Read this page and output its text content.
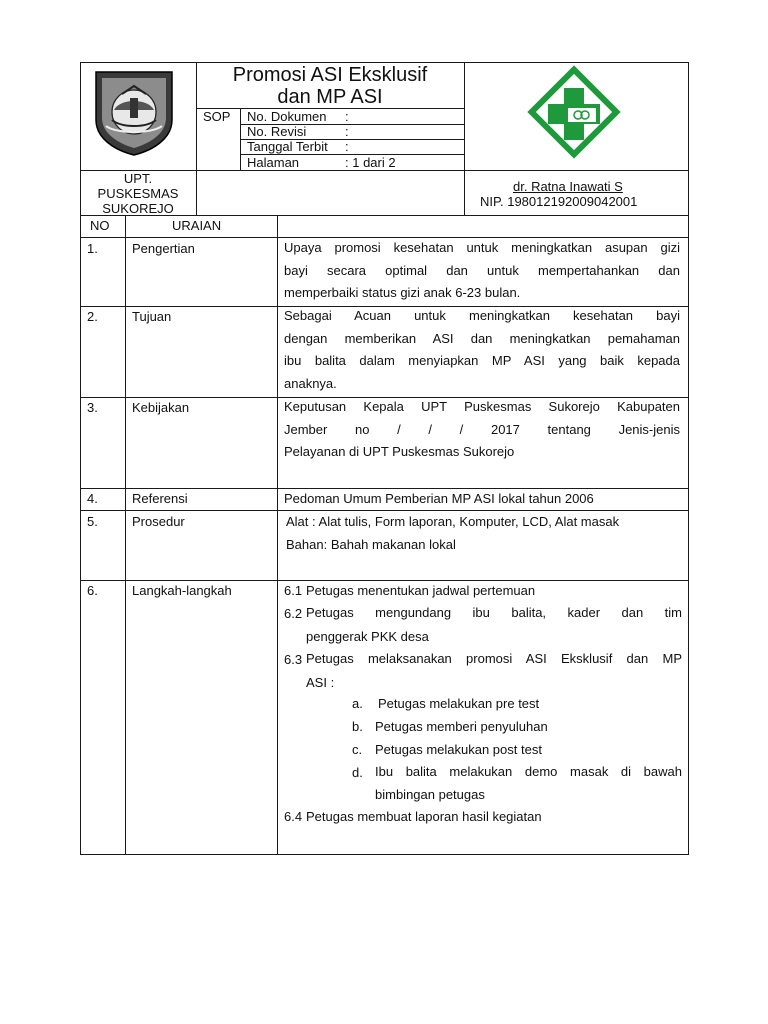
Promosi ASI Eksklusif
dan MP ASI
SOP No. Dokumen :
No. Revisi	:
Tanggal Terbit :
Halaman	: 1 dari 2
UPT.
PUSKESMAS
SUKOREJO
dr. Ratna Inawati S
NIP. 198012192009042001
NO	URAIAN
1.	Pengertian	Upaya promosi kesehatan untuk meningkatkan asupan gizi
bayi secara optimal dan untuk mempertahankan dan
memperbaiki status gizi anak 6-23 bulan.
2.	Tujuan	Sebagai Acuan untuk meningkatkan kesehatan bayi
dengan memberikan ASI dan meningkatkan pemahaman
ibu balita dalam menyiapkan MP ASI yang baik kepada
anaknya.
3.	Kebijakan	Keputusan Kepala UPT Puskesmas Sukorejo Kabupaten
Jember no / / / 2017 tentang Jenis-jenis
Pelayanan di UPT Puskesmas Sukorejo
4.	Referensi	Pedoman Umum Pemberian MP ASI lokal tahun 2006
5.	Prosedur	Alat : Alat tulis, Form laporan, Komputer, LCD, Alat masak
Bahan: Bahah makanan lokal
6.	Langkah-langkah	6.1 Petugas menentukan jadwal pertemuan
6.2 Petugas mengundang ibu balita, kader dan tim
penggerak PKK desa
6.3 Petugas melaksanakan promosi ASI Eksklusif dan MP
ASI :
a. Petugas melakukan pre test
b. Petugas memberi penyuluhan
c. Petugas melakukan post test
d. Ibu balita melakukan demo masak di bawah
bimbingan petugas
6.4 Petugas membuat laporan hasil kegiatan
